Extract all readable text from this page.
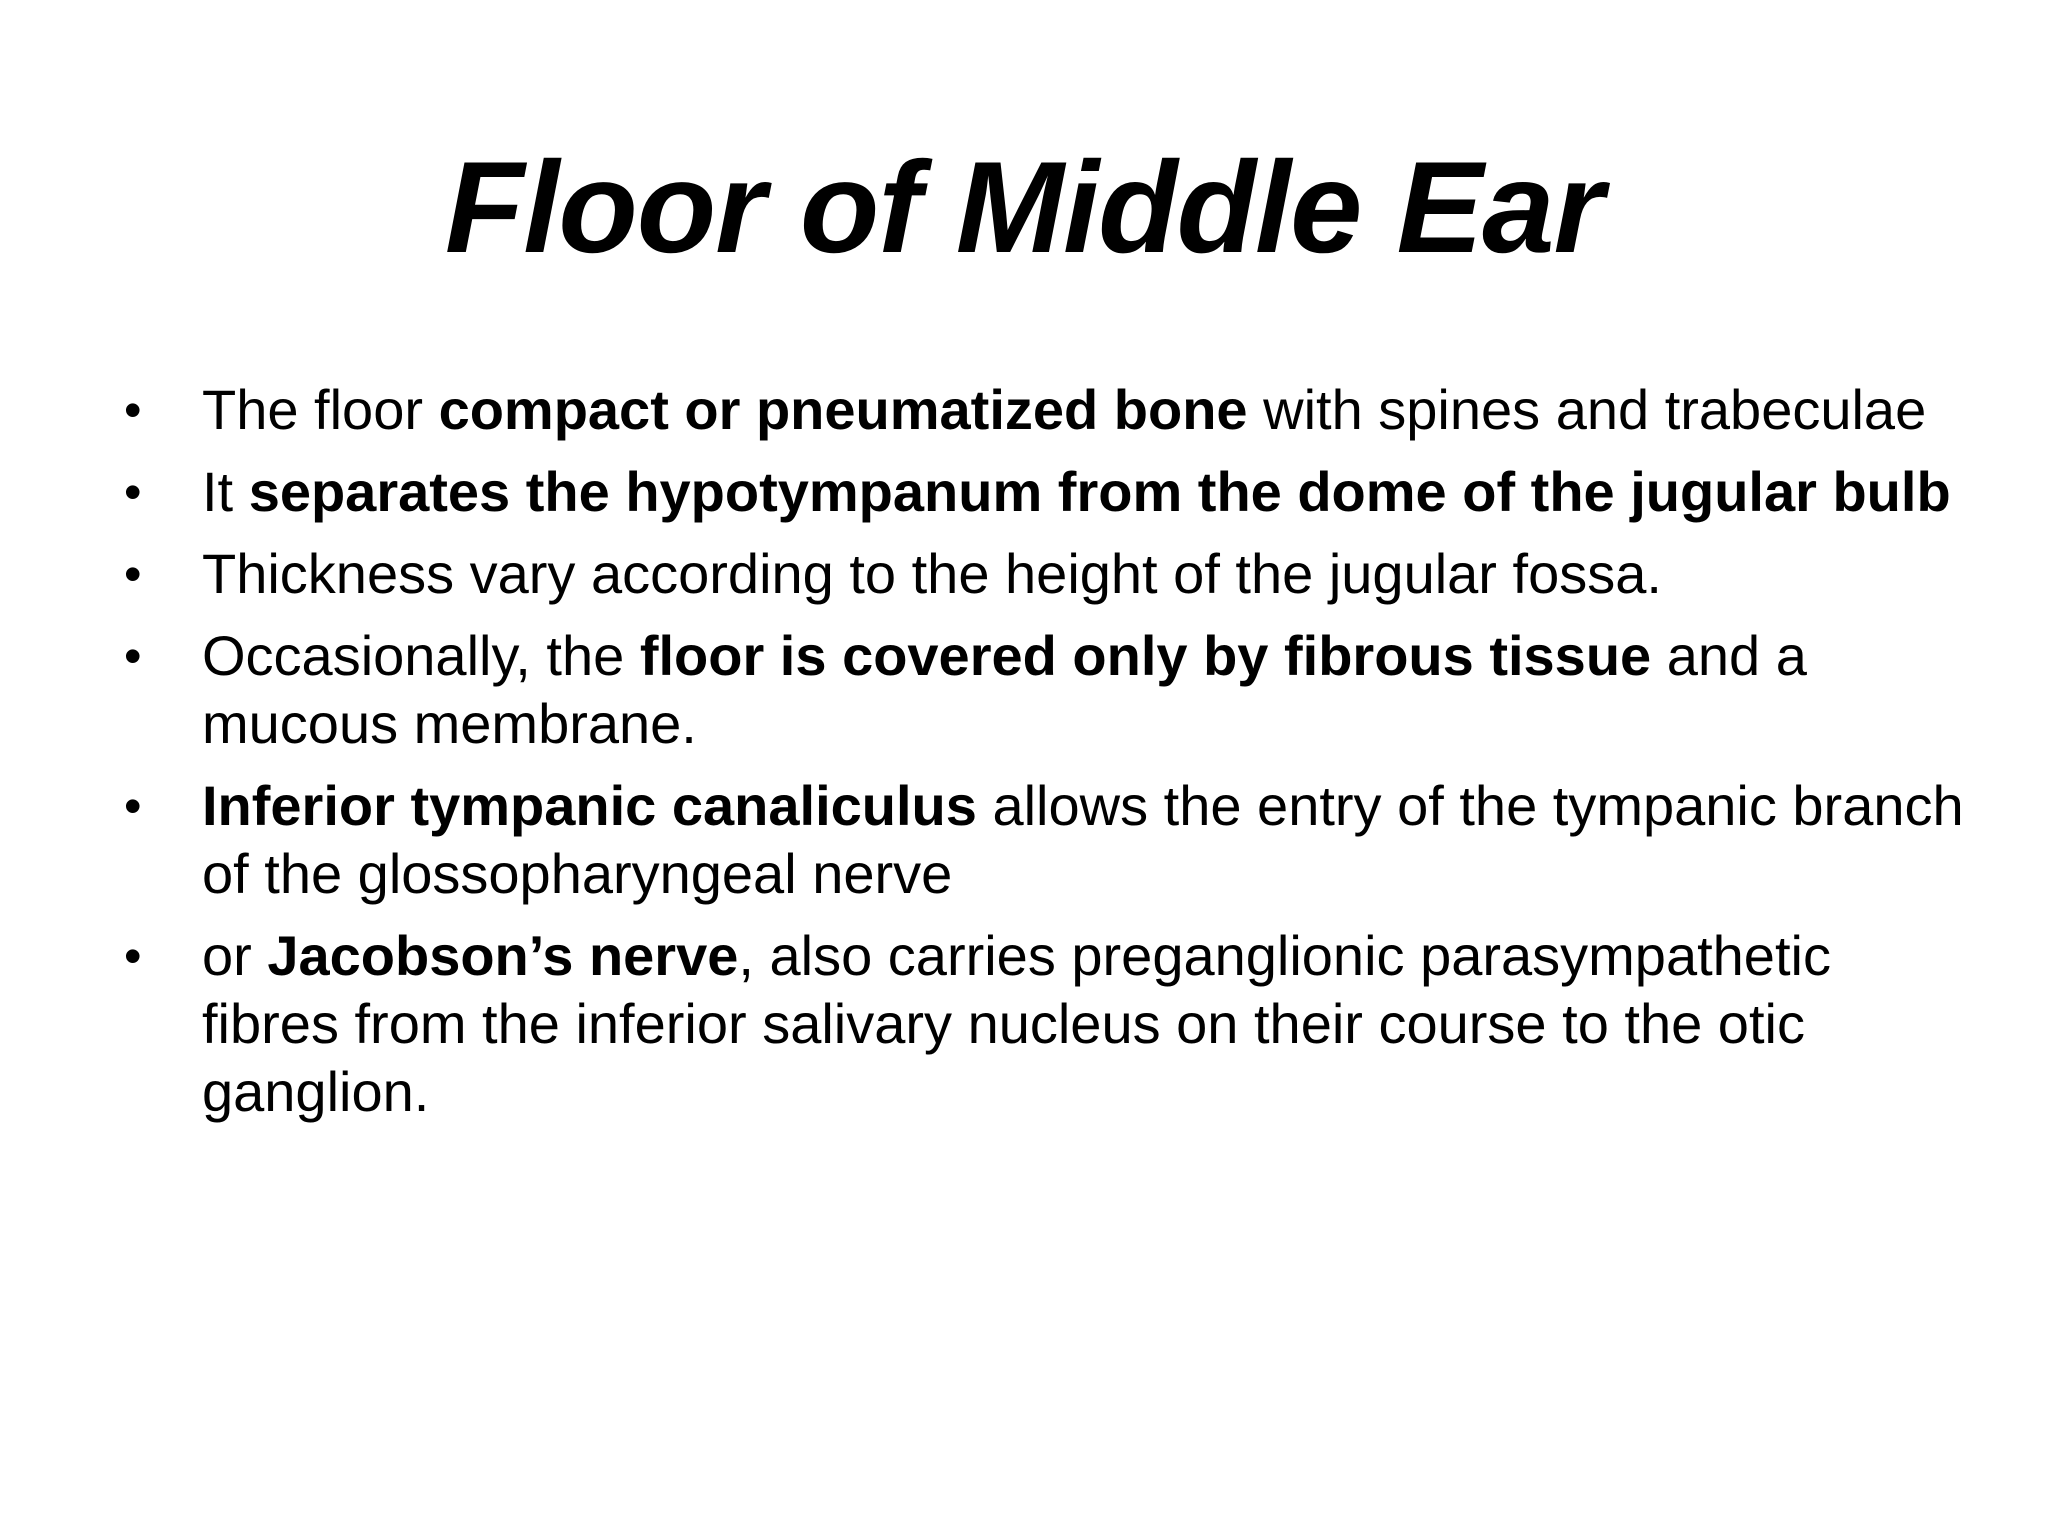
Floor of Middle Ear
• The floor compact or pneumatized bone with spines and trabeculae
• It separates the hypotympanum from the dome of the jugular bulb
• Thickness vary according to the height of the jugular fossa.
• Occasionally, the floor is covered only by fibrous tissue and a mucous membrane.
• Inferior tympanic canaliculus allows the entry of the tympanic branch of the glossopharyngeal nerve
• or Jacobson’s nerve, also carries preganglionic parasympathetic fibres from the inferior salivary nucleus on their course to the otic ganglion.
